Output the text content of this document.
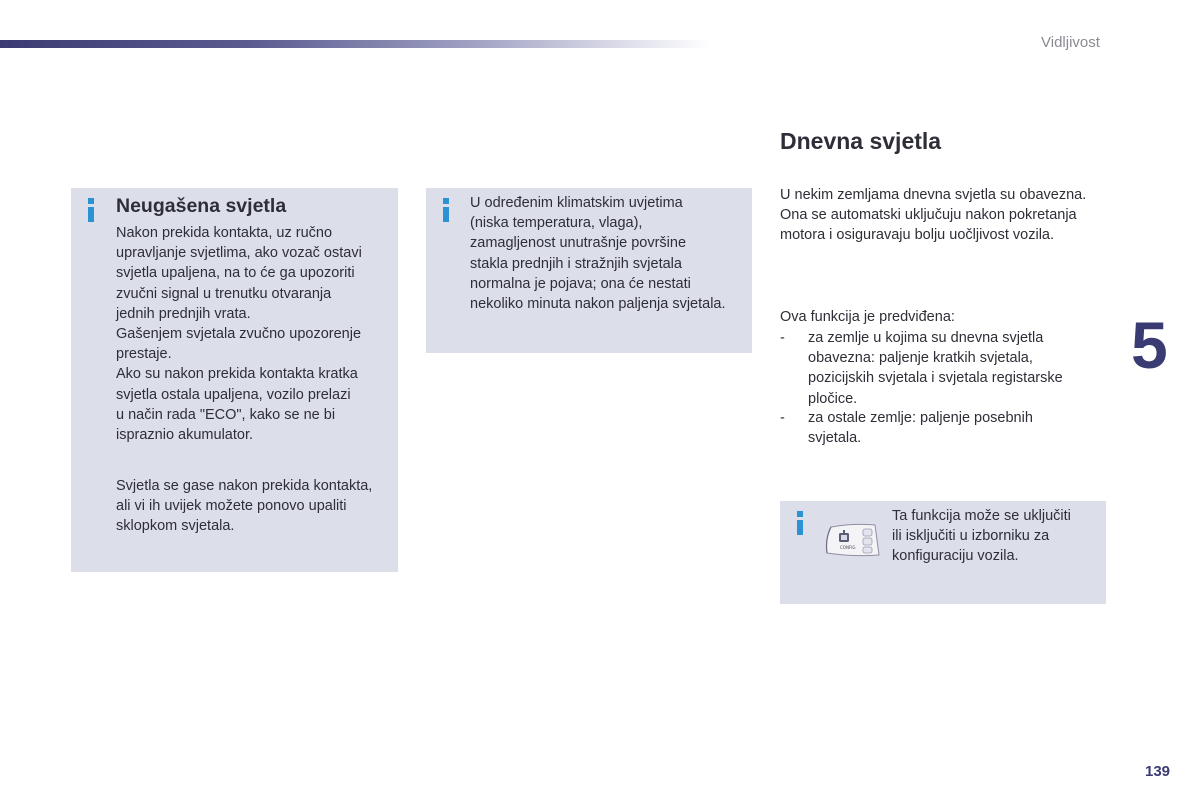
Vidljivost
Neugašena svjetla

Nakon prekida kontakta, uz ručno
upravljanje svjetlima, ako vozač ostavi
svjetla upaljena, na to će ga upozoriti
zvučni signal u trenutku otvaranja
jednih prednjih vrata.
Gašenjem svjetala zvučno upozorenje
prestaje.
Ako su nakon prekida kontakta kratka
svjetla ostala upaljena, vozilo prelazi
u način rada "ECO", kako se ne bi
ispraznio akumulator.

Svjetla se gase nakon prekida kontakta,
ali vi ih uvijek možete ponovo upaliti
sklopkom svjetala.

U određenim klimatskim uvjetima
(niska temperatura, vlaga),
zamagljenost unutrašnje površine
stakla prednjih i stražnjih svjetala
normalna je pojava; ona će nestati
nekoliko minuta nakon paljenja svjetala.

Dnevna svjetla

U nekim zemljama dnevna svjetla su obavezna.
Ona se automatski uključuju nakon pokretanja
motora i osiguravaju bolju uočljivost vozila.

Ova funkcija je predviđena:

- za zemlje u kojima su dnevna svjetla
obavezna: paljenje kratkih svjetala,
pozicijskih svjetala i svjetala registarske
pločice.
- za ostale zemlje: paljenje posebnih
svjetala.

Ta funkcija može se uključiti
ili isključiti u izborniku za
konfiguraciju vozila.

CONFIG
5
139
